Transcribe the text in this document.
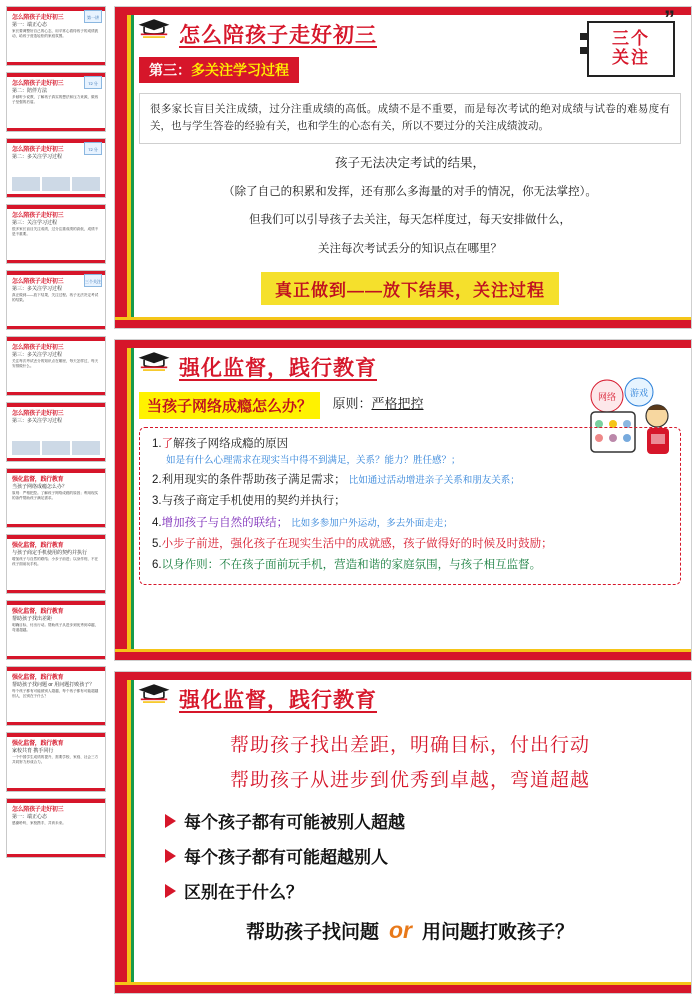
怎么陪孩子走好初三
第一：端正心态
第一讲
家长要调整好自己的心态，用平常心看待孩子的成绩波动，给孩子营造轻松的家庭氛围。
怎么陪孩子走好初三
第二：陪伴方法
72 分
多倾听少说教，了解孩子真实的想法和压力来源，做孩子坚强的后盾。
怎么陪孩子走好初三
第二：多关注学习过程
72 分
怎么陪孩子走好初三
第三：关注学习过程
很多家长盲目关注成绩，过分注重成绩的高低，成绩不是不重要。
怎么陪孩子走好初三
第三：多关注学习过程
三个关注
真正做到——放下结果，关注过程。孩子无法决定考试的结果。
怎么陪孩子走好初三
第三：多关注学习过程
关注每次考试丢分的知识点在哪里，每天怎样过，每天安排做什么。
怎么陪孩子走好初三
第三：多关注学习过程
强化监督，践行教育
当孩子网络成瘾怎么办？
原则：严格把控。了解孩子网络成瘾的原因；利用现实的条件帮助孩子满足需求。
强化监督，践行教育
与孩子商定手机使用的契约并执行
增加孩子与自然的联结；小步子前进；以身作则，不在孩子面前玩手机。
强化监督，践行教育
帮助孩子找出差距
明确目标，付出行动。帮助孩子从进步到优秀到卓越，弯道超越。
强化监督，践行教育
帮助孩子找问题 or 用问题打败孩子？
每个孩子都有可能被别人超越，每个孩子都有可能超越别人，区别在于什么？
强化监督，践行教育
家校共育 携手同行
一个中国学生成绩的提升，需要学校、家庭、社会三方共同努力形成合力。
怎么陪孩子走好初三
第一：端正心态
感谢聆听，家校携手，共育未来。
怎么陪孩子走好初三
”
三个
关注
第三：多关注学习过程
很多家长盲目关注成绩，过分注重成绩的高低。成绩不是不重要，而是每次考试的绝对成绩与试卷的难易度有关，也与学生答卷的经验有关，也和学生的心态有关，所以不要过分的关注成绩波动。
孩子无法决定考试的结果，
（除了自己的积累和发挥，还有那么多海量的对手的情况，你无法掌控）。
但我们可以引导孩子去关注，每天怎样度过，每天安排做什么，
关注每次考试丢分的知识点在哪里？
真正做到——放下结果，关注过程
网络 游戏
强化监督，践行教育
当孩子网络成瘾怎么办？ 原则：严格把控
1.了解孩子网络成瘾的原因
如是有什么心理需求在现实当中得不到满足，关系？能力？胜任感？；
2.利用现实的条件帮助孩子满足需求； 比如通过活动增进亲子关系和朋友关系；
3.与孩子商定手机使用的契约并执行；
4.增加孩子与自然的联结； 比如多参加户外运动，多去外面走走；
5.小步子前进，强化孩子在现实生活中的成就感，孩子做得好的时候及时鼓励；
6.以身作则：不在孩子面前玩手机，营造和谐的家庭氛围，与孩子相互监督。
强化监督，践行教育
帮助孩子找出差距，明确目标，付出行动
帮助孩子从进步到优秀到卓越，弯道超越
每个孩子都有可能被别人超越
每个孩子都有可能超越别人
区别在于什么？
帮助孩子找问题 or 用问题打败孩子？
